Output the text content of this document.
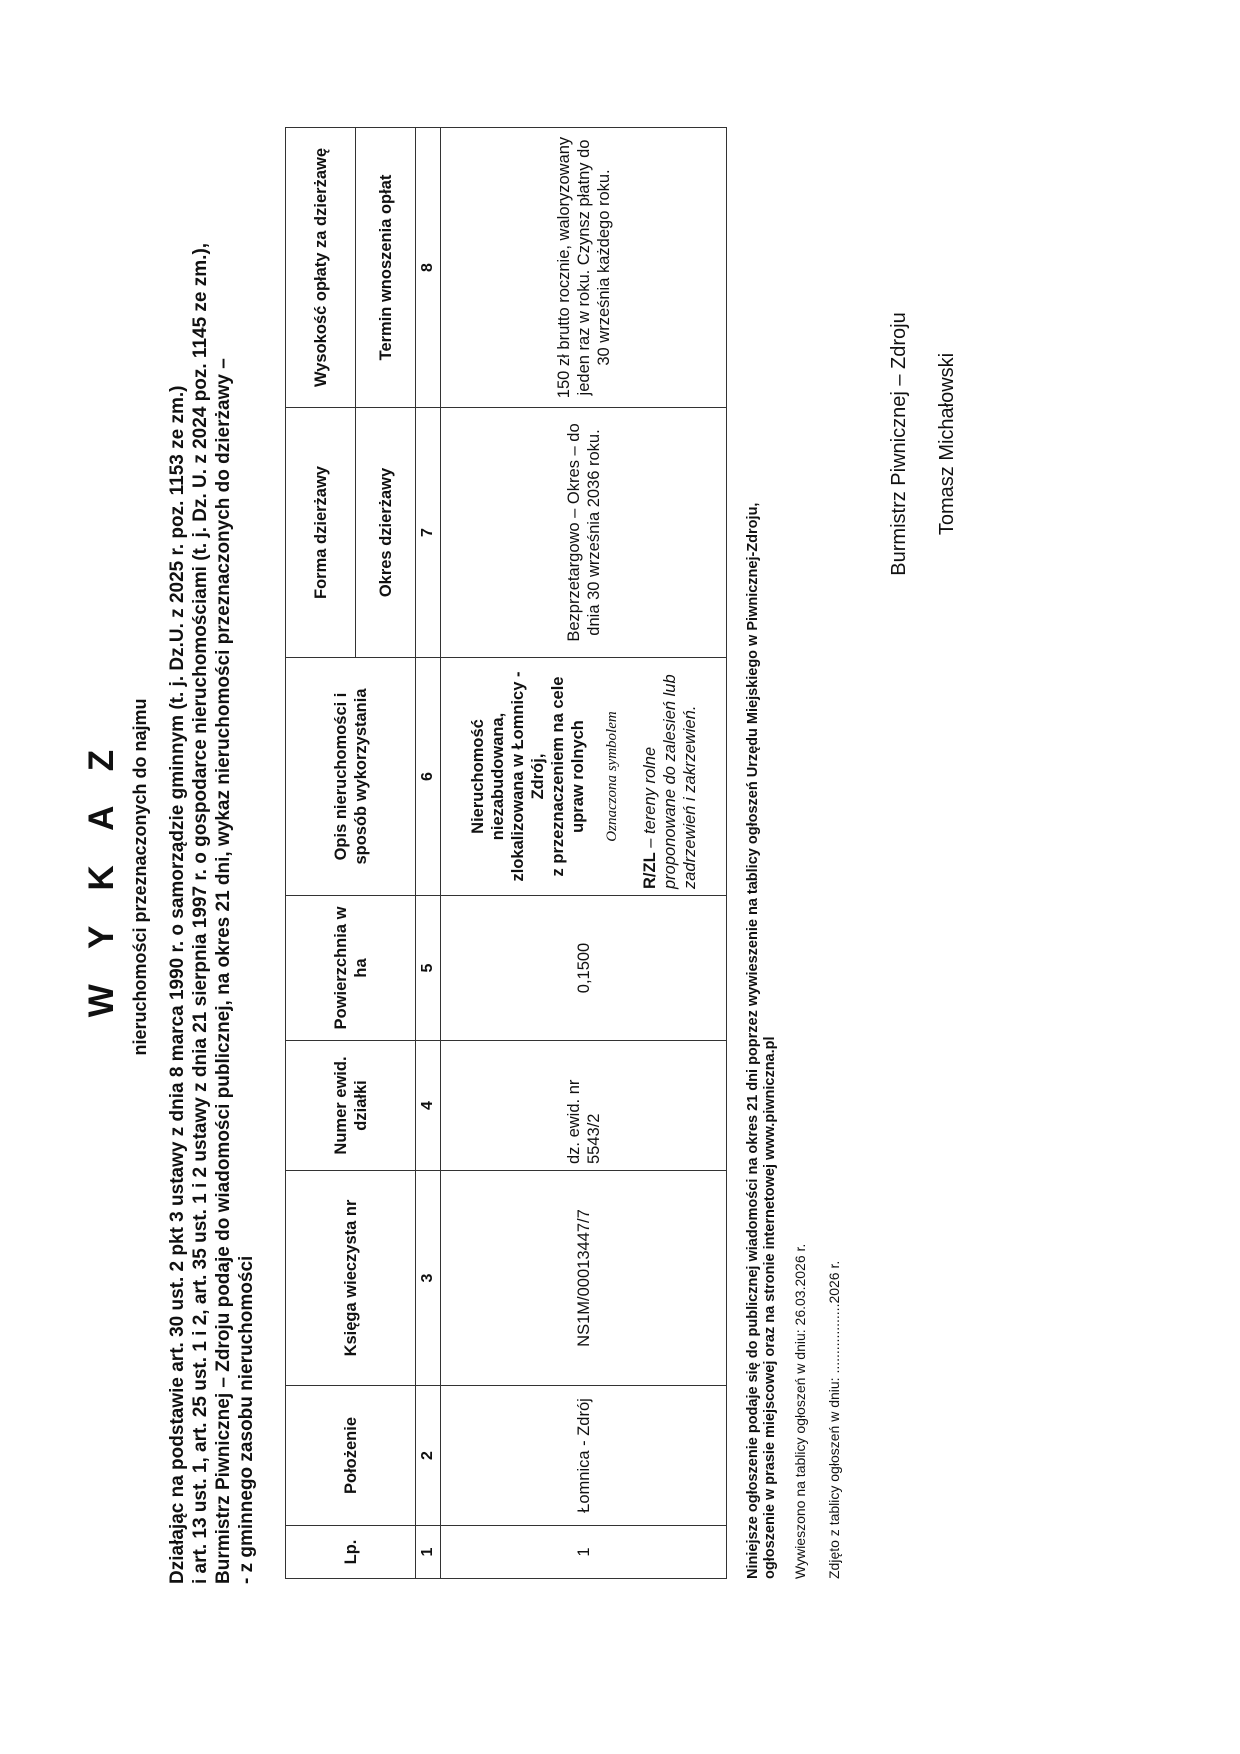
W Y K A Z nieruchomości przeznaczonych do najmu Działając na podstawie art. 30 ust. 2 pkt 3 ustawy z dnia 8 marca 1990 r. o samorządzie gminnym (t. j. Dz.U. z 2025 r. poz. 1153 ze zm.) i art. 13 ust. 1, art. 25 ust. 1 i 2, art. 35 ust. 1 i 2 ustawy z dnia 21 sierpnia 1997 r. o gospodarce nieruchomościami (t. j. Dz. U. z 2024 poz. 1145 ze zm.), Burmistrz Piwnicznej – Zdroju podaje do wiadomości publicznej, na okres 21 dni, wykaz nieruchomości przeznaczonych do dzierżawy – - z gminnego zasobu nieruchomości	Lp.	Położenie	Księga wieczysta nr	Numer ewid. działki	Powierzchnia w ha	Opis nieruchomości i sposób wykorzystania	Forma dzierżawy	Wysokość opłaty za dzierżawę
						Okres dzierżawy	Termin wnoszenia opłat
1	2	3	4	5	6	7	8
1	Łomnica - Zdrój	NS1M/00013447/7	dz. ewid. nr 5543/2	0,1500	Nieruchomość niezabudowana, zlokalizowana w Łomnicy - Zdrój, z przeznaczeniem na cele upraw rolnych Oznaczona symbolem
R/ZL – tereny rolne proponowane do zalesień lub zadrzewień i zakrzewień.	Bezprzetargowo – Okres – do dnia 30 września 2036 roku.	150 zł brutto rocznie, waloryzowany jeden raz w roku. Czynsz płatny do 30 września każdego roku.

Niniejsze ogłoszenie podaje się do publicznej wiadomości na okres 21 dni poprzez wywieszenie na tablicy ogłoszeń Urzędu Miejskiego w Piwnicznej-Zdroju, ogłoszenie w prasie miejscowej oraz na stronie internetowej www.piwniczna.pl Wywieszono na tablicy ogłoszeń w dniu: 26.03.2026 r. Zdjęto z tablicy ogłoszeń w dniu: ..................2026 r.
Burmistrz Piwnicznej – Zdroju Tomasz Michałowski
